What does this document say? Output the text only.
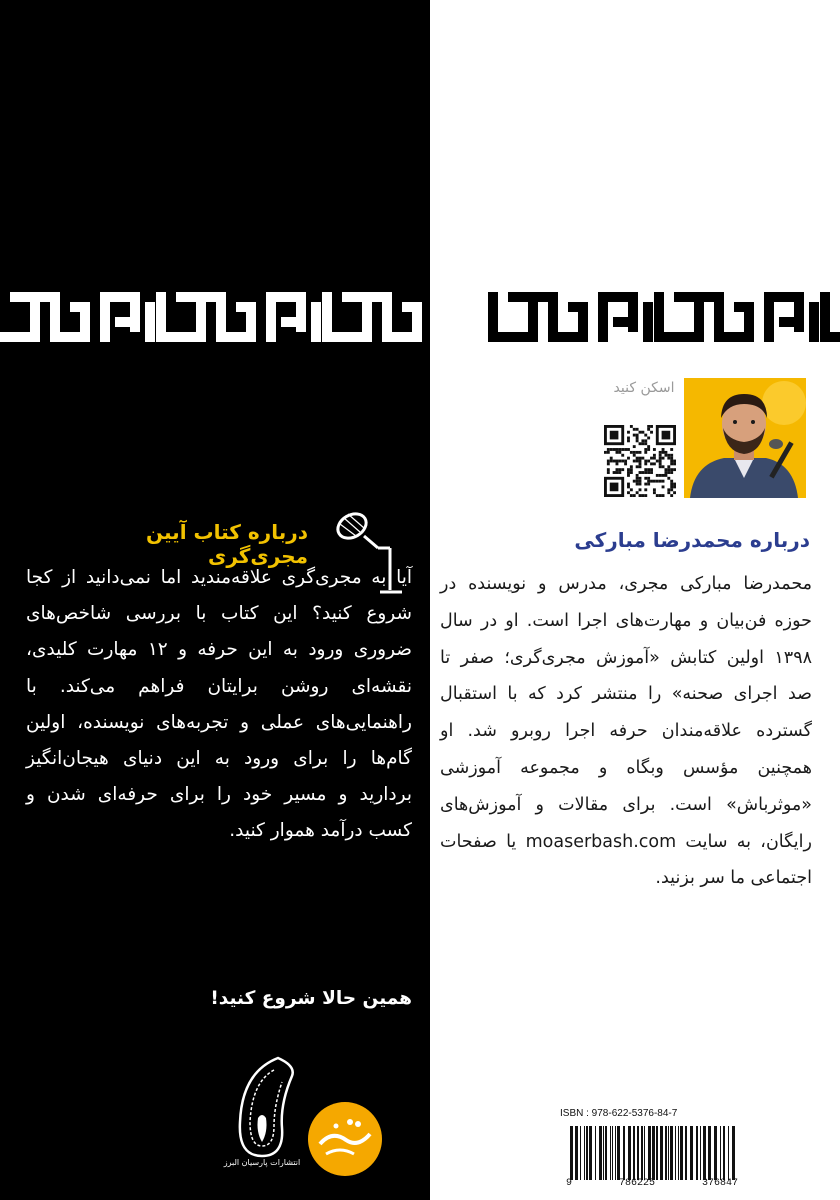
اسکن کنید
درباره محمدرضا مبارکی

محمدرضا مبارکی مجری، مدرس و نویسنده در حوزه فن‌بیان و مهارت‌های اجرا است. او در سال ۱۳۹۸ اولین کتابش «آموزش مجری‌گری؛ صفر تا صد اجرای صحنه» را منتشر کرد که با استقبال گسترده علاقه‌مندان حرفه اجرا روبرو شد. او همچنین مؤسس وبگاه و مجموعه آموزشی «موثرباش» است. برای مقالات و آموزش‌های رایگان، به سایت moaserbash.com یا صفحات اجتماعی ما سر بزنید.

درباره کتاب آیین مجری‌گری
آیا به مجری‌گری علاقه‌مندید اما نمی‌دانید از کجا شروع کنید؟ این کتاب با بررسی شاخص‌های ضروری ورود به این حرفه و ۱۲ مهارت کلیدی، نقشه‌ای روشن برایتان فراهم می‌کند. با راهنمایی‌های عملی و تجربه‌های نویسنده، اولین گام‌ها را برای ورود به این دنیای هیجان‌انگیز بردارید و مسیر خود را برای حرفه‌ای شدن و کسب درآمد هموار کنید.
همین حالا شروع کنید!
انتشارات پارسیان البرز
ISBN : 978-622-5376-84-7
9	786225	376847
